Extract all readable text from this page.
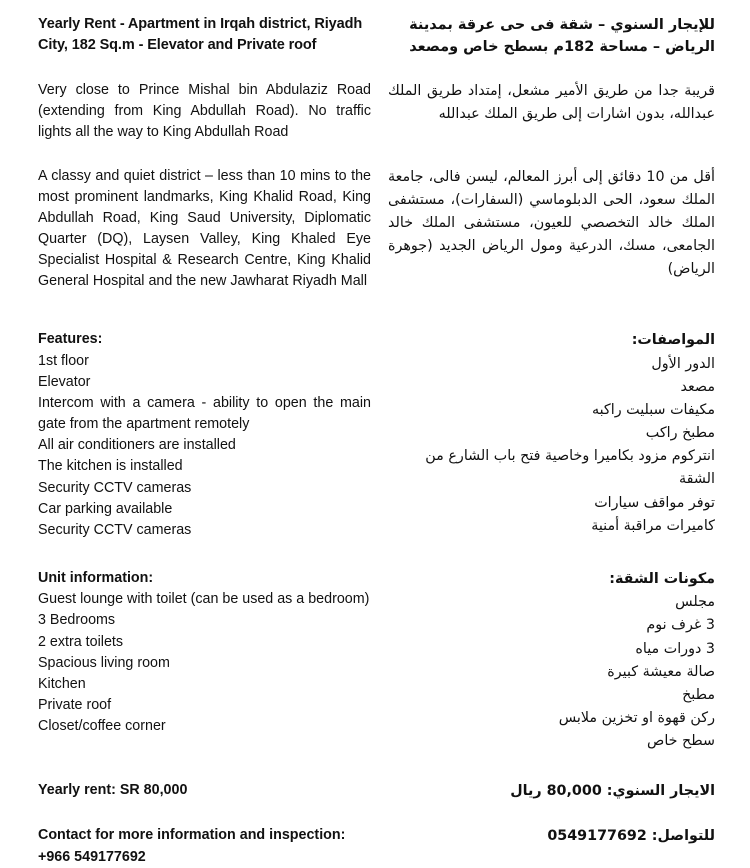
Yearly Rent - Apartment in Irqah district, Riyadh City, 182 Sq.m - Elevator and Private roof

للإيجار السنوي – شقة فى حى عرقة بمدينة الرياض – مساحة 182م بسطح خاص ومصعد

Very close to Prince Mishal bin Abdulaziz Road (extending from King Abdullah Road). No traffic lights all the way to King Abdullah Road

قريبة جدا من طريق الأمير مشعل، إمتداد طريق الملك عبدالله، بدون اشارات إلى طريق الملك عبدالله

A classy and quiet district – less than 10 mins to the most prominent landmarks, King Khalid Road, King Abdullah Road, King Saud University, Diplomatic Quarter (DQ), Laysen Valley, King Khaled Eye Specialist Hospital & Research Centre, King Khalid General Hospital and the new Jawharat Riyadh Mall

أقل من 10 دقائق إلى أبرز المعالم، ليسن فالى، جامعة الملك سعود، الحى الدبلوماسي (السفارات)، مستشفى الملك خالد التخصصي للعيون، مستشفى الملك خالد الجامعى، مسك، الدرعية ومول الرياض الجديد (جوهرة الرياض)

Features:

1st floor
Elevator
Intercom with a camera - ability to open the main gate from the apartment remotely
All air conditioners are installed
The kitchen is installed
Security CCTV cameras
Car parking available
Security CCTV cameras

المواصفات:

الدور الأول
مصعد
مكيفات سبليت راكبه
مطبخ راكب
انتركوم مزود بكاميرا وخاصية فتح باب الشارع من الشقة
توفر مواقف سيارات
كاميرات مراقبة أمنية

Unit information:

Guest lounge with toilet (can be used as a bedroom)
3 Bedrooms
2 extra toilets
Spacious living room
Kitchen
Private roof
Closet/coffee corner

مكونات الشقة:

مجلس
3 غرف نوم
3 دورات مياه
صالة معيشة كبيرة
مطبخ
ركن قهوة او تخزين ملابس
سطح خاص

Yearly rent: SR 80,000	الايجار السنوي: 80,000 ريال

Contact for more information and inspection:

+966 549177692

للتواصل: 0549177692
